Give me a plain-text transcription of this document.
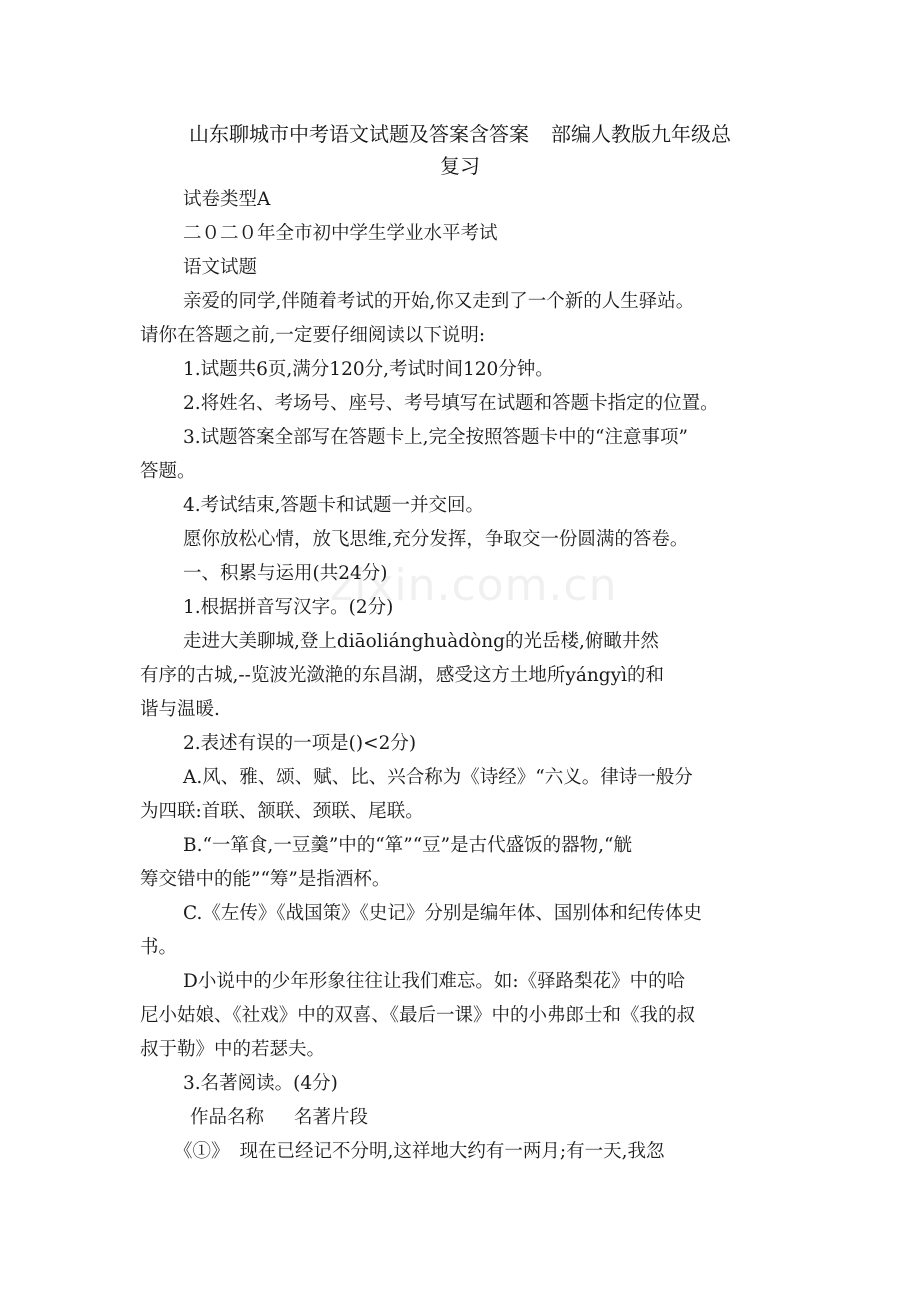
山东聊城市中考语文试题及答案含答案 部编人教版九年级总
复习
zixin.com.cn
试卷类型A
二０二０年全市初中学生学业水平考试
语文试题
亲爱的同学,伴随着考试的开始,你又走到了一个新的人生驿站。
请你在答题之前,一定要仔细阅读以下说明:
1.试题共6页,满分120分,考试时间120分钟。
2.将姓名、考场号、座号、考号填写在试题和答题卡指定的位置。
3.试题答案全部写在答题卡上,完全按照答题卡中的“注意事项”
答题。
4.考试结束,答题卡和试题一并交回。
愿你放松心情，放飞思维,充分发挥，争取交一份圆满的答卷。
一、积累与运用(共24分)
1.根据拼音写汉字。(2分)
走进大美聊城,登上diāoliánghuàdòng的光岳楼,俯瞰井然
有序的古城,--览波光潋滟的东昌湖，感受这方土地所yángyì的和
谐与温暖.
2.表述有误的一项是()<2分)
A.风、雅、颂、赋、比、兴合称为《诗经》“六义。律诗一般分
为四联:首联、颔联、颈联、尾联。
B.“一箪食,一豆羹”中的“箪”“豆”是古代盛饭的器物,“觥
筹交错中的能”“筹”是指酒杯。
C.《左传》《战国策》《史记》分别是编年体、国别体和纪传体史
书。
D小说中的少年形象往往让我们难忘。如:《驿路梨花》中的哈
尼小姑娘、《社戏》中的双喜、《最后一课》中的小弗郎士和《我的叔
叔于勒》中的若瑟夫。
3.名著阅读。(4分)
作品名称 名著片段
《①》 现在已经记不分明,这祥地大约有一两月;有一天,我忽
